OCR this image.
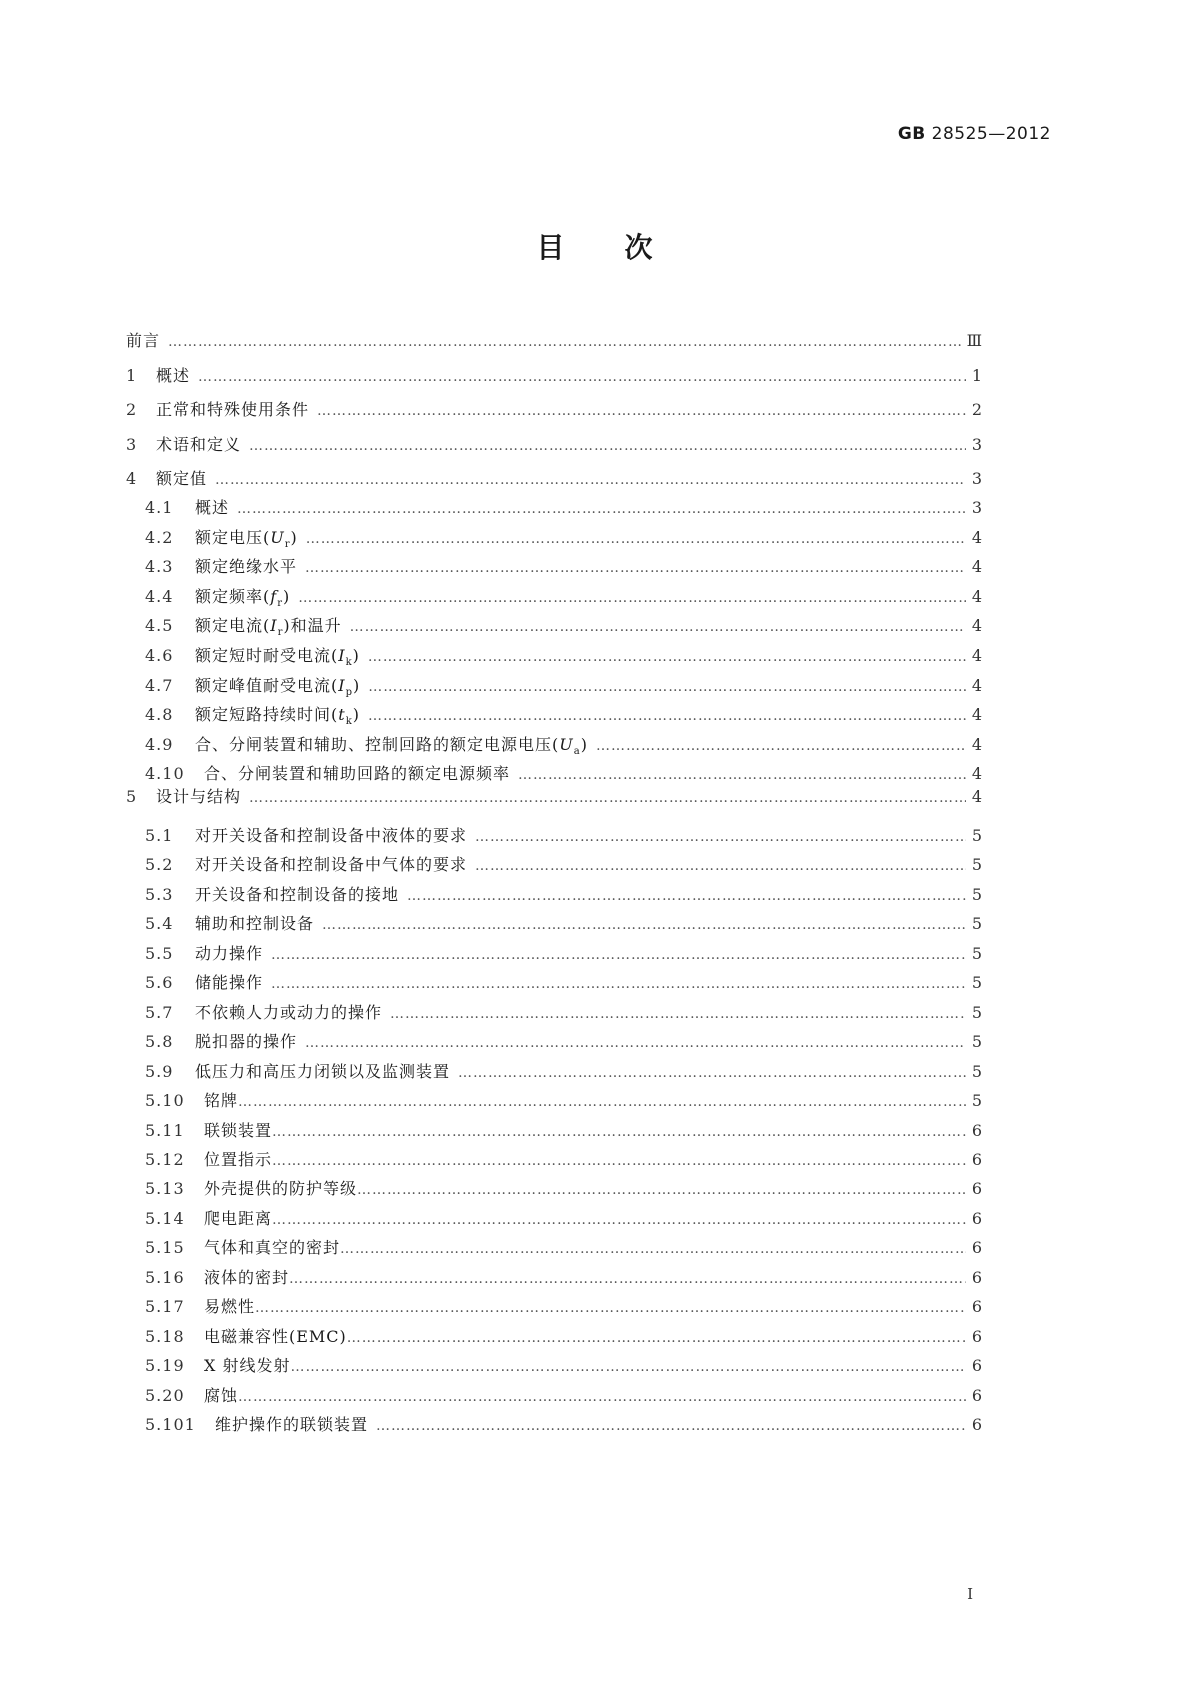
GB 28525—2012
目 次
前言 …………………………………………………………………………………………………………………………………………………………………………………………………………	Ⅲ
1	概述 …………………………………………………………………………………………………………………………………………………………………………………………………………	1
2	正常和特殊使用条件 …………………………………………………………………………………………………………………………………………………………………………………………………………	2
3	术语和定义 …………………………………………………………………………………………………………………………………………………………………………………………………………	3
4	额定值 …………………………………………………………………………………………………………………………………………………………………………………………………………	3
4.1	概述 …………………………………………………………………………………………………………………………………………………………………………………………………………	3
4.2	额定电压$(U_r)$ …………………………………………………………………………………………………………………………………………………………………………………………………………	4
4.3	额定绝缘水平 …………………………………………………………………………………………………………………………………………………………………………………………………………	4
4.4	额定频率$(f_r)$ …………………………………………………………………………………………………………………………………………………………………………………………………………	4
4.5	额定电流$(I_r)$和温升 …………………………………………………………………………………………………………………………………………………………………………………………………………	4
4.6	额定短时耐受电流$(I_k)$ …………………………………………………………………………………………………………………………………………………………………………………………………………	4
4.7	额定峰值耐受电流$(I_p)$ …………………………………………………………………………………………………………………………………………………………………………………………………………	4
4.8	额定短路持续时间$(t_k)$ …………………………………………………………………………………………………………………………………………………………………………………………………………	4
4.9	合、分闸装置和辅助、控制回路的额定电源电压$(U_a)$ …………………………………………………………………………………………………………………………………………………………………………………………………………	4
4.10	合、分闸装置和辅助回路的额定电源频率 …………………………………………………………………………………………………………………………………………………………………………………………………………	4
5	设计与结构 …………………………………………………………………………………………………………………………………………………………………………………………………………	4
5.1	对开关设备和控制设备中液体的要求 …………………………………………………………………………………………………………………………………………………………………………………………………………	5
5.2	对开关设备和控制设备中气体的要求 …………………………………………………………………………………………………………………………………………………………………………………………………………	5
5.3	开关设备和控制设备的接地 …………………………………………………………………………………………………………………………………………………………………………………………………………	5
5.4	辅助和控制设备 …………………………………………………………………………………………………………………………………………………………………………………………………………	5
5.5	动力操作 …………………………………………………………………………………………………………………………………………………………………………………………………………	5
5.6	储能操作 …………………………………………………………………………………………………………………………………………………………………………………………………………	5
5.7	不依赖人力或动力的操作 …………………………………………………………………………………………………………………………………………………………………………………………………………	5
5.8	脱扣器的操作 …………………………………………………………………………………………………………………………………………………………………………………………………………	5
5.9	低压力和高压力闭锁以及监测装置 …………………………………………………………………………………………………………………………………………………………………………………………………………	5
5.10	铭牌 …………………………………………………………………………………………………………………………………………………………………………………………………………	5
5.11	联锁装置 …………………………………………………………………………………………………………………………………………………………………………………………………………	6
5.12	位置指示 …………………………………………………………………………………………………………………………………………………………………………………………………………	6
5.13	外壳提供的防护等级 …………………………………………………………………………………………………………………………………………………………………………………………………………	6
5.14	爬电距离 …………………………………………………………………………………………………………………………………………………………………………………………………………	6
5.15	气体和真空的密封 …………………………………………………………………………………………………………………………………………………………………………………………………………	6
5.16	液体的密封 …………………………………………………………………………………………………………………………………………………………………………………………………………	6
5.17	易燃性 …………………………………………………………………………………………………………………………………………………………………………………………………………	6
5.18	电磁兼容性(EMC) …………………………………………………………………………………………………………………………………………………………………………………………………………	6
5.19	X 射线发射 …………………………………………………………………………………………………………………………………………………………………………………………………………	6
5.20	腐蚀 …………………………………………………………………………………………………………………………………………………………………………………………………………	6
5.101	维护操作的联锁装置 …………………………………………………………………………………………………………………………………………………………………………………………………………	6
I
